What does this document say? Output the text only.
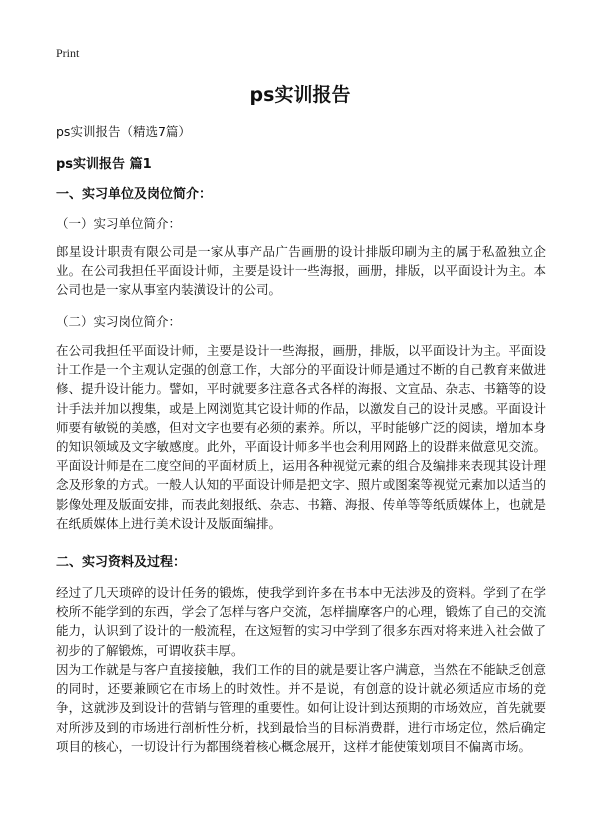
Print
ps实训报告

ps实训报告（精选7篇）

ps实训报告 篇1

一、实习单位及岗位简介：

（一）实习单位简介：

郎星设计职责有限公司是一家从事产品广告画册的设计排版印刷为主的属于私盈独立企业。在公司我担任平面设计师，主要是设计一些海报，画册，排版，以平面设计为主。本公司也是一家从事室内装潢设计的公司。

（二）实习岗位简介：

在公司我担任平面设计师，主要是设计一些海报，画册，排版，以平面设计为主。平面设计工作是一个主观认定强的创意工作，大部分的平面设计师是通过不断的自己教育来做进修、提升设计能力。譬如，平时就要多注意各式各样的海报、文宣品、杂志、书籍等的设计手法并加以搜集，或是上网浏览其它设计师的作品，以激发自己的设计灵感。平面设计师要有敏锐的美感，但对文字也要有必须的素养。所以，平时能够广泛的阅读，增加本身的知识领域及文字敏感度。此外，平面设计师多半也会利用网路上的设群来做意见交流。平面设计师是在二度空间的平面材质上，运用各种视觉元素的组合及编排来表现其设计理念及形象的方式。一般人认知的平面设计师是把文字、照片或图案等视觉元素加以适当的影像处理及版面安排，而表此刻报纸、杂志、书籍、海报、传单等等纸质媒体上，也就是在纸质媒体上进行美术设计及版面编排。

二、实习资料及过程：

经过了几天琐碎的设计任务的锻炼，使我学到许多在书本中无法涉及的资料。学到了在学校所不能学到的东西，学会了怎样与客户交流，怎样揣摩客户的心理，锻炼了自己的交流能力，认识到了设计的一般流程，在这短暂的实习中学到了很多东西对将来进入社会做了初步的了解锻炼，可谓收获丰厚。

因为工作就是与客户直接接触，我们工作的目的就是要让客户满意，当然在不能缺乏创意的同时，还要兼顾它在市场上的时效性。并不是说，有创意的设计就必须适应市场的竞争，这就涉及到设计的营销与管理的重要性。如何让设计到达预期的市场效应，首先就要对所涉及到的市场进行剖析性分析，找到最恰当的目标消费群，进行市场定位，然后确定项目的核心，一切设计行为都围绕着核心概念展开，这样才能使策划项目不偏离市场。
